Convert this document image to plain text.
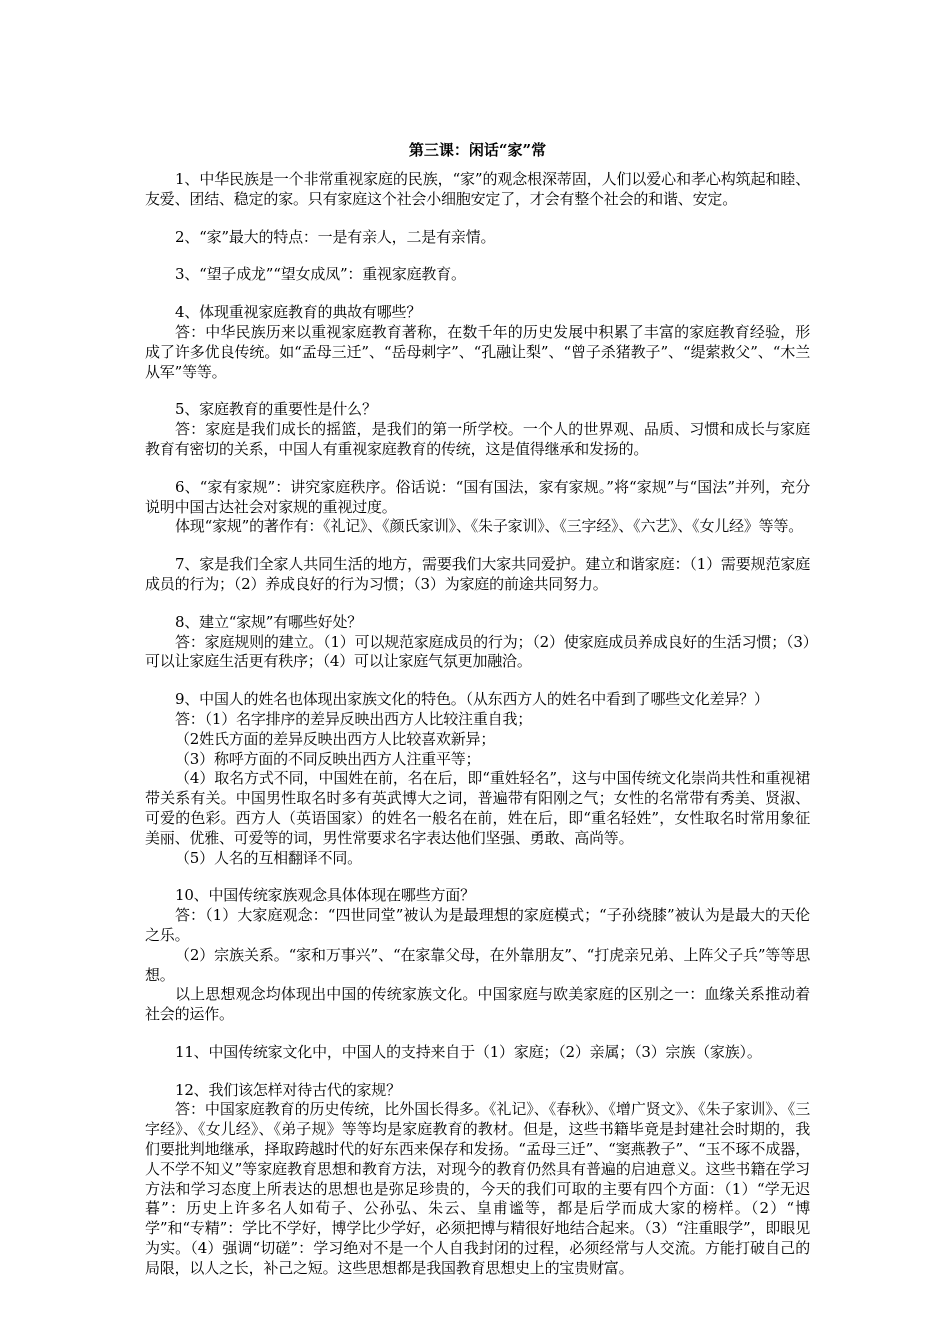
第三课：闲话“家”常

1、中华民族是一个非常重视家庭的民族，“家”的观念根深蒂固，人们以爱心和孝心构筑起和睦、友爱、团结、稳定的家。只有家庭这个社会小细胞安定了，才会有整个社会的和谐、安定。

2、“家”最大的特点：一是有亲人，二是有亲情。

3、“望子成龙”“望女成凤”：重视家庭教育。

4、体现重视家庭教育的典故有哪些？

答：中华民族历来以重视家庭教育著称，在数千年的历史发展中积累了丰富的家庭教育经验，形成了许多优良传统。如“孟母三迁”、“岳母刺字”、“孔融让梨”、“曾子杀猪教子”、“缇萦救父”、“木兰从军”等等。

5、家庭教育的重要性是什么？

答：家庭是我们成长的摇篮，是我们的第一所学校。一个人的世界观、品质、习惯和成长与家庭教育有密切的关系，中国人有重视家庭教育的传统，这是值得继承和发扬的。

6、“家有家规”：讲究家庭秩序。俗话说：“国有国法，家有家规。”将“家规”与“国法”并列，充分说明中国古达社会对家规的重视过度。

体现“家规”的著作有：《礼记》、《颜氏家训》、《朱子家训》、《三字经》、《六艺》、《女儿经》等等。

7、家是我们全家人共同生活的地方，需要我们大家共同爱护。建立和谐家庭：（1）需要规范家庭成员的行为；（2）养成良好的行为习惯；（3）为家庭的前途共同努力。

8、建立“家规”有哪些好处？

答：家庭规则的建立。（1）可以规范家庭成员的行为；（2）使家庭成员养成良好的生活习惯；（3）可以让家庭生活更有秩序；（4）可以让家庭气氛更加融洽。

9、中国人的姓名也体现出家族文化的特色。（从东西方人的姓名中看到了哪些文化差异？）

答：（1）名字排序的差异反映出西方人比较注重自我；

（2姓氏方面的差异反映出西方人比较喜欢新异；

（3）称呼方面的不同反映出西方人注重平等；

（4）取名方式不同，中国姓在前，名在后，即“重姓轻名”，这与中国传统文化崇尚共性和重视裙带关系有关。中国男性取名时多有英武博大之词，普遍带有阳刚之气；女性的名常带有秀美、贤淑、可爱的色彩。西方人（英语国家）的姓名一般名在前，姓在后，即“重名轻姓”，女性取名时常用象征美丽、优雅、可爱等的词，男性常要求名字表达他们坚强、勇敢、高尚等。

（5）人名的互相翻译不同。

10、中国传统家族观念具体体现在哪些方面？

答：（1）大家庭观念：“四世同堂”被认为是最理想的家庭模式；“子孙绕膝”被认为是最大的天伦之乐。

（2）宗族关系。“家和万事兴”、“在家靠父母，在外靠朋友”、“打虎亲兄弟、上阵父子兵”等等思想。

以上思想观念均体现出中国的传统家族文化。中国家庭与欧美家庭的区别之一：血缘关系推动着社会的运作。

11、中国传统家文化中，中国人的支持来自于（1）家庭；（2）亲属；（3）宗族（家族）。

12、我们该怎样对待古代的家规？

答：中国家庭教育的历史传统，比外国长得多。《礼记》、《春秋》、《增广贤文》、《朱子家训》、《三字经》、《女儿经》、《弟子规》等等均是家庭教育的教材。但是，这些书籍毕竟是封建社会时期的，我们要批判地继承，择取跨越时代的好东西来保存和发扬。“孟母三迁”、“窦燕教子”、“玉不琢不成器，人不学不知义”等家庭教育思想和教育方法，对现今的教育仍然具有普遍的启迪意义。这些书籍在学习方法和学习态度上所表达的思想也是弥足珍贵的，今天的我们可取的主要有四个方面：（1）“学无迟暮”：历史上许多名人如荀子、公孙弘、朱云、皇甫谧等，都是后学而成大家的榜样。（2）“博学”和“专精”：学比不学好，博学比少学好，必须把博与精很好地结合起来。（3）“注重眼学”，即眼见为实。（4）强调“切磋”：学习绝对不是一个人自我封闭的过程，必须经常与人交流。方能打破自己的局限，以人之长，补己之短。这些思想都是我国教育思想史上的宝贵财富。
